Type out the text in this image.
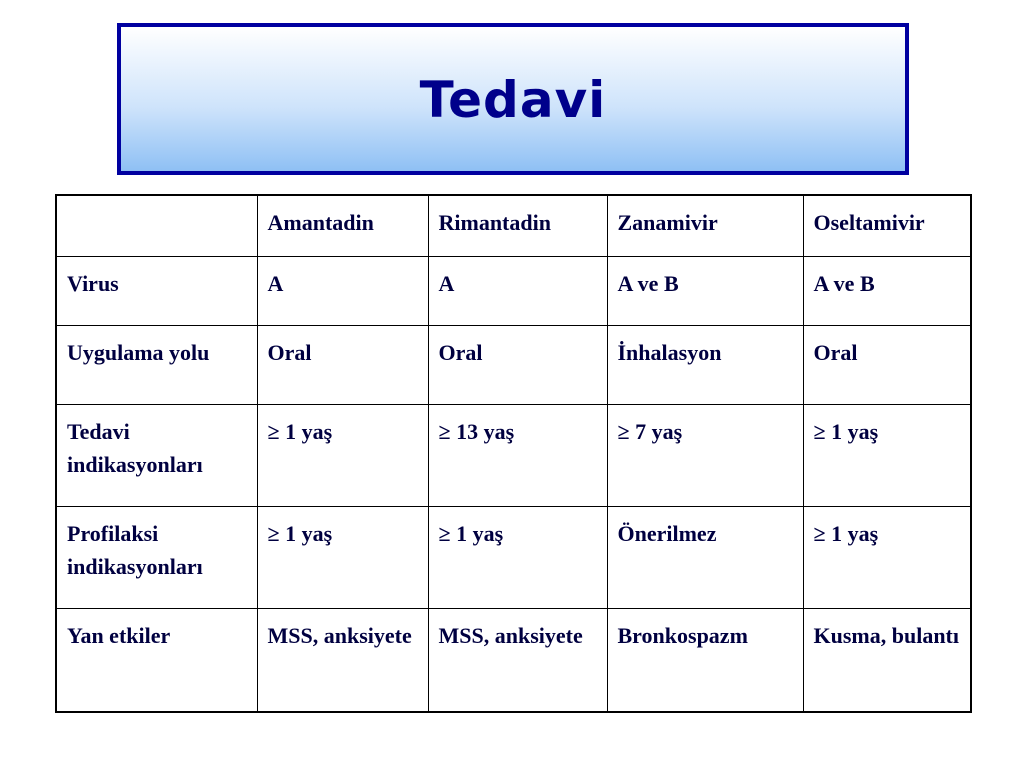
Tedavi
	Amantadin	Rimantadin	Zanamivir	Oseltamivir
Virus	A	A	A ve B	A ve B
Uygulama yolu	Oral	Oral	İnhalasyon	Oral
Tedavi indikasyonları	≥ 1 yaş	≥ 13 yaş	≥ 7 yaş	≥ 1 yaş
Profilaksi indikasyonları	≥ 1 yaş	≥ 1 yaş	Önerilmez	≥ 1 yaş
Yan etkiler	MSS, anksiyete	MSS, anksiyete	Bronkospazm	Kusma, bulantı
